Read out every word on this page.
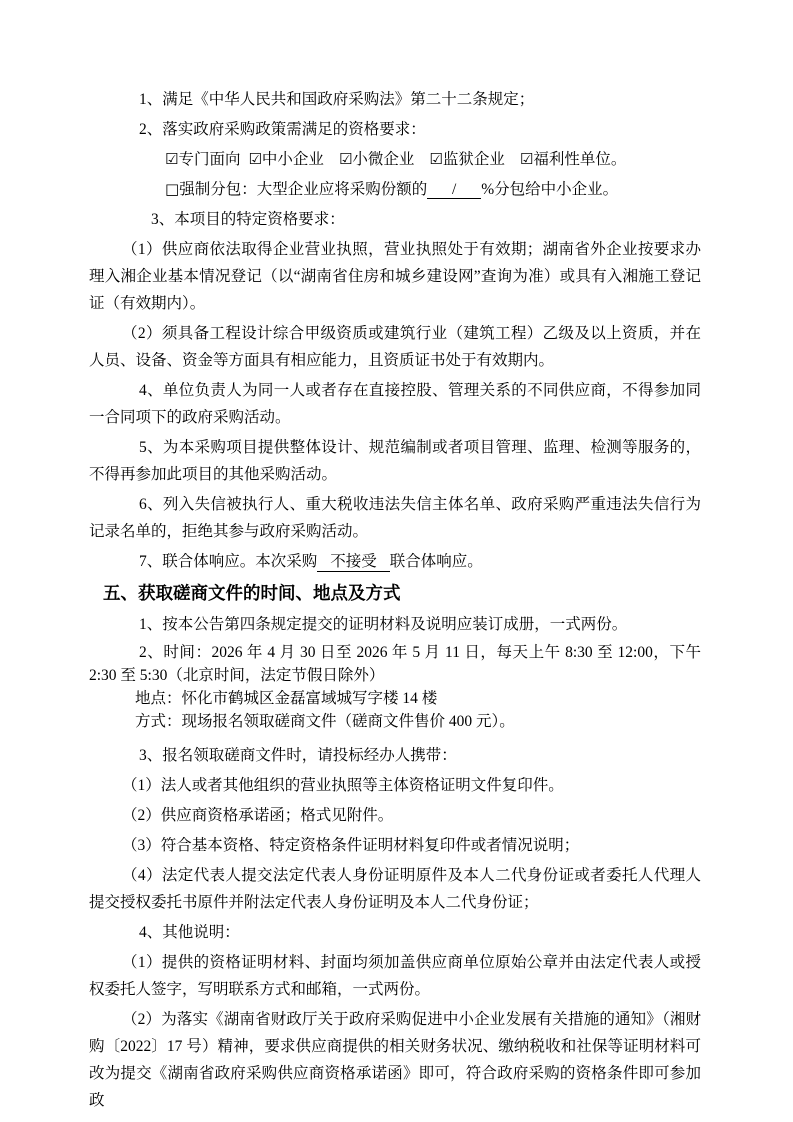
1、满足《中华人民共和国政府采购法》第二十二条规定；

2、落实政府采购政策需满足的资格要求：

☑专门面向 ☑中小企业 ☑小微企业 ☑监狱企业 ☑福利性单位。

□强制分包：大型企业应将采购份额的 / %分包给中小企业。

3、本项目的特定资格要求：

（1）供应商依法取得企业营业执照，营业执照处于有效期；湖南省外企业按要求办理入湘企业基本情况登记（以“湖南省住房和城乡建设网”查询为准）或具有入湘施工登记证（有效期内）。

（2）须具备工程设计综合甲级资质或建筑行业（建筑工程）乙级及以上资质，并在人员、设备、资金等方面具有相应能力，且资质证书处于有效期内。

4、单位负责人为同一人或者存在直接控股、管理关系的不同供应商，不得参加同一合同项下的政府采购活动。

5、为本采购项目提供整体设计、规范编制或者项目管理、监理、检测等服务的，不得再参加此项目的其他采购活动。

6、列入失信被执行人、重大税收违法失信主体名单、政府采购严重违法失信行为记录名单的，拒绝其参与政府采购活动。

7、联合体响应。本次采购 不接受 联合体响应。

五、获取磋商文件的时间、地点及方式

1、按本公告第四条规定提交的证明材料及说明应装订成册，一式两份。

2、时间：2026 年 4 月 30 日至 2026 年 5 月 11 日，每天上午 8:30 至 12:00，下午 2:30 至 5:30（北京时间，法定节假日除外）

地点：怀化市鹤城区金磊富域城写字楼 14 楼

方式：现场报名领取磋商文件（磋商文件售价 400 元）。

3、报名领取磋商文件时，请投标经办人携带：

（1）法人或者其他组织的营业执照等主体资格证明文件复印件。

（2）供应商资格承诺函；格式见附件。

（3）符合基本资格、特定资格条件证明材料复印件或者情况说明；

（4）法定代表人提交法定代表人身份证明原件及本人二代身份证或者委托人代理人提交授权委托书原件并附法定代表人身份证明及本人二代身份证；

4、其他说明：

（1）提供的资格证明材料、封面均须加盖供应商单位原始公章并由法定代表人或授权委托人签字，写明联系方式和邮箱，一式两份。

（2）为落实《湖南省财政厅关于政府采购促进中小企业发展有关措施的通知》（湘财购〔2022〕17 号）精神，要求供应商提供的相关财务状况、缴纳税收和社保等证明材料可改为提交《湖南省政府采购供应商资格承诺函》即可，符合政府采购的资格条件即可参加政
